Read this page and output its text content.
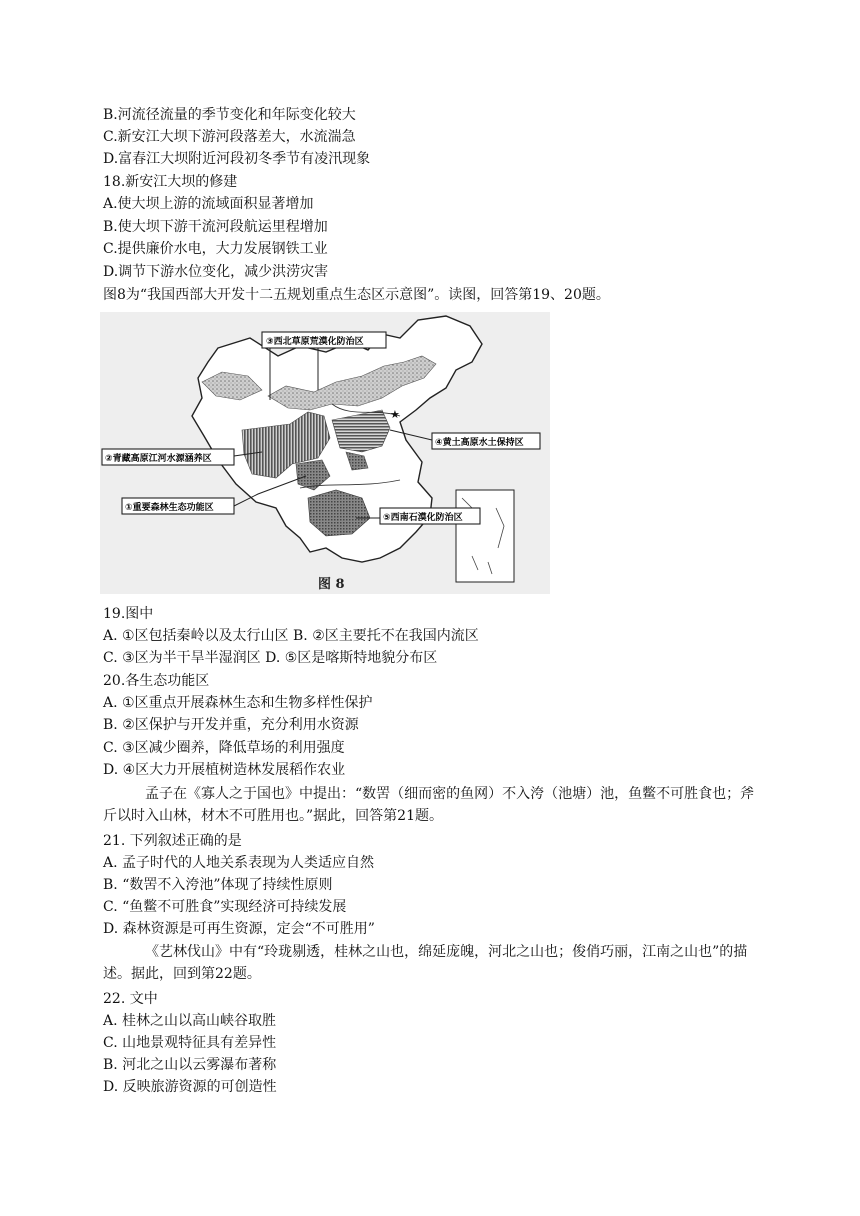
B.河流径流量的季节变化和年际变化较大
C.新安江大坝下游河段落差大，水流湍急
D.富春江大坝附近河段初冬季节有凌汛现象
18.新安江大坝的修建
A.使大坝上游的流域面积显著增加
B.使大坝下游干流河段航运里程增加
C.提供廉价水电，大力发展钢铁工业
D.调节下游水位变化，减少洪涝灾害
图8为“我国西部大开发十二五规划重点生态区示意图”。读图，回答第19、20题。
★
③西北草原荒漠化防治区
②青藏高原江河水源涵养区
④黄土高原水土保持区
①重要森林生态功能区
⑤西南石漠化防治区
图 8
19.图中
A. ①区包括秦岭以及太行山区 B. ②区主要托不在我国内流区
C. ③区为半干旱半湿润区 D. ⑤区是喀斯特地貌分布区
20.各生态功能区
A. ①区重点开展森林生态和生物多样性保护
B. ②区保护与开发并重，充分利用水资源
C. ③区减少圈养，降低草场的利用强度
D. ④区大力开展植树造林发展稻作农业
孟子在《寡人之于国也》中提出：“数罟（细而密的鱼网）不入洿（池塘）池，鱼鳖不可胜食也；斧斤以时入山林，材木不可胜用也。”据此，回答第21题。
21. 下列叙述正确的是
A. 孟子时代的人地关系表现为人类适应自然
B. “数罟不入洿池”体现了持续性原则
C. “鱼鳖不可胜食”实现经济可持续发展
D. 森林资源是可再生资源，定会“不可胜用”
《艺林伐山》中有“玲珑剔透，桂林之山也，绵延庞魄，河北之山也；俊俏巧丽，江南之山也”的描述。据此，回到第22题。
22. 文中
A. 桂林之山以高山峡谷取胜
C. 山地景观特征具有差异性
B. 河北之山以云雾瀑布著称
D. 反映旅游资源的可创造性
